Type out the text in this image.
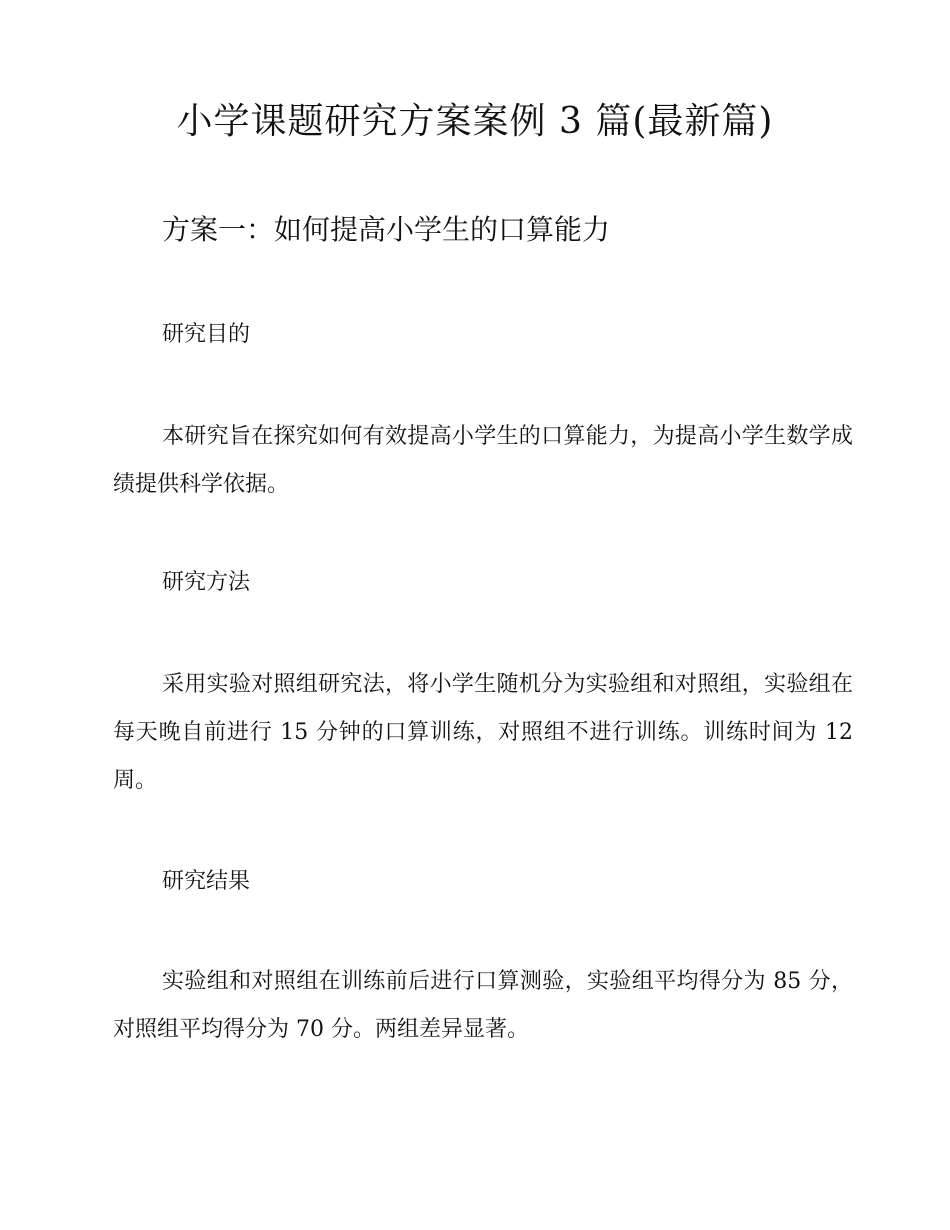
小学课题研究方案案例 3 篇(最新篇)
方案一：如何提高小学生的口算能力
研究目的
本研究旨在探究如何有效提高小学生的口算能力，为提高小学生数学成绩提供科学依据。
研究方法
采用实验对照组研究法，将小学生随机分为实验组和对照组，实验组在每天晚自前进行 15 分钟的口算训练，对照组不进行训练。训练时间为 12 周。
研究结果
实验组和对照组在训练前后进行口算测验，实验组平均得分为 85 分，对照组平均得分为 70 分。两组差异显著。
